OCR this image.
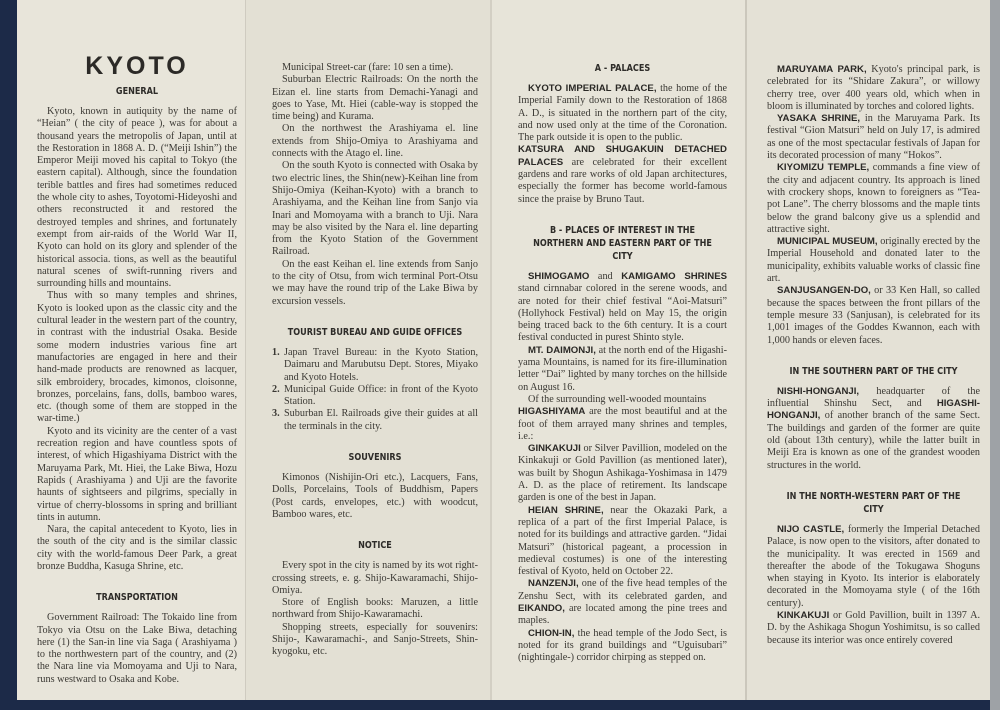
KYOTO
GENERAL

Kyoto, known in autiquity by the name of “Heian” ( the city of peace ), was for about a thousand years the metropolis of Japan, until at the Restoration in 1868 A. D. (“Meiji Ishin”) the Emperor Meiji moved his capital to Tokyo (the eastern capital). Although, since the foundation terible battles and fires had sometimes reduced the whole city to ashes, Toyotomi-Hideyoshi and others reconstructed it and restored the destroyed temples and shrines, and fortunately exempt from air-raids of the World War II, Kyoto can hold on its glory and splender of the historical associa. tions, as well as the beautiful natural scenes of swift-running rivers and surrounding hills and mountains.

Thus with so many temples and shrines, Kyoto is looked upon as the classic city and the cultural leader in the western part of the country, in contrast with the industrial Osaka. Beside some modern industries various fine art manufactories are engaged in here and their hand-made products are renowned as lacquer, silk embroidery, brocades, kimonos, cloisonne, bronzes, porcelains, fans, dolls, bamboo wares, etc. (though some of them are stopped in the war-time.)

Kyoto and its vicinity are the center of a vast recreation region and have countless spots of interest, of which Higashiyama District with the Maruyama Park, Mt. Hiei, the Lake Biwa, Hozu Rapids ( Arashiyama ) and Uji are the favorite haunts of sightseers and pilgrims, specially in virtue of cherry-blossoms in spring and brilliant tints in autumn.

Nara, the capital antecedent to Kyoto, lies in the south of the city and is the similar classic city with the world-famous Deer Park, a great bronze Buddha, Kasuga Shrine, etc.

TRANSPORTATION

Government Railroad: The Tokaido line from Tokyo via Otsu on the Lake Biwa, detaching here (1) the San-in line via Saga ( Arashiyama ) to the northwestern part of the country, and (2) the Nara line via Momoyama and Uji to Nara, runs westward to Osaka and Kobe.

Municipal Street-car (fare: 10 sen a time).

Suburban Electric Railroads: On the north the Eizan el. line starts from Demachi-Yanagi and goes to Yase, Mt. Hiei (cable-way is stopped the time being) and Kurama.

On the northwest the Arashiyama el. line extends from Shijo-Omiya to Arashiyama and connects with the Atago el. line.

On the south Kyoto is connected with Osaka by two electric lines, the Shin(new)-Keihan line from Shijo-Omiya (Keihan-Kyoto) with a branch to Arashiyama, and the Keihan line from Sanjo via Inari and Momoyama with a branch to Uji. Nara may be also visited by the Nara el. line departing from the Kyoto Station of the Government Railroad.

On the east Keihan el. line extends from Sanjo to the city of Otsu, from wich terminal Port-Otsu we may have the round trip of the Lake Biwa by excursion vessels.

TOURIST BUREAU AND GUIDE OFFICES

1. Japan Travel Bureau: in the Kyoto Station, Daimaru and Marubutsu Dept. Stores, Miyako and Kyoto Hotels.

2. Municipal Guide Office: in front of the Kyoto Station.

3. Suburban El. Railroads give their guides at all the terminals in the city.

SOUVENIRS

Kimonos (Nishijin-Ori etc.), Lacquers, Fans, Dolls, Porcelains, Tools of Buddhism, Papers (Post cards, envelopes, etc.) with woodcut, Bamboo wares, etc.

NOTICE

Every spot in the city is named by its wot right-crossing streets, e. g. Shijo-Kawaramachi, Shijo-Omiya.

Store of English books: Maruzen, a little northward from Shijo-Kawaramachi.

Shopping streets, especially for souvenirs: Shijo-, Kawaramachi-, and Sanjo-Streets, Shin-kyogoku, etc.

A - PALACES

KYOTO IMPERIAL PALACE, the home of the Imperial Family down to the Restoration of 1868 A. D., is situated in the northern part of the city, and now used only at the time of the Coronation. The park outside it is open to the public.

KATSURA AND SHUGAKUIN DETACHED PALACES are celebrated for their excellent gardens and rare works of old Japan architectures, especially the former has become world-famous since the praise by Bruno Taut.

B - PLACES OF INTEREST IN THE NORTHERN AND EASTERN PART OF THE CITY

SHIMOGAMO and KAMIGAMO SHRINES stand cirnnabar colored in the serene woods, and are noted for their chief festival “Aoi-Matsuri” (Hollyhock Festival) held on May 15, the origin being traced back to the 6th century. It is a court festival conducted in purest Shinto style.

MT. DAIMONJI, at the north end of the Higashi-yama Mountains, is named for its fire-illumination letter “Dai” lighted by many torches on the hillside on August 16.

Of the surrounding well-wooded mountains

HIGASHIYAMA are the most beautiful and at the foot of them arrayed many shrines and temples, i.e.:

GINKAKUJI or Silver Pavillion, modeled on the Kinkakuji or Gold Pavillion (as mentioned later), was built by Shogun Ashikaga-Yoshimasa in 1479 A. D. as the place of retirement. Its landscape garden is one of the best in Japan.

HEIAN SHRINE, near the Okazaki Park, a replica of a part of the first Imperial Palace, is noted for its buildings and attractive garden. “Jidai Matsuri” (historical pageant, a procession in medieval costumes) is one of the interesting festival of Kyoto, held on October 22.

NANZENJI, one of the five head temples of the Zenshu Sect, with its celebrated garden, and EIKANDO, are located among the pine trees and maples.

CHION-IN, the head temple of the Jodo Sect, is noted for its grand buildings and “Uguisubari” (nightingale-) corridor chirping as stepped on.

MARUYAMA PARK, Kyoto's principal park, is celebrated for its “Shidare Zakura”, or willowy cherry tree, over 400 years old, which when in bloom is illuminated by torches and colored lights.

YASAKA SHRINE, in the Maruyama Park. Its festival “Gion Matsuri” held on July 17, is admired as one of the most spectacular festivals of Japan for its decorated procession of many “Hokos”.

KIYOMIZU TEMPLE, commands a fine view of the city and adjacent country. Its approach is lined with crockery shops, known to foreigners as “Tea-pot Lane”. The cherry blossoms and the maple tints below the grand balcony give us a splendid and attractive sight.

MUNICIPAL MUSEUM, originally erected by the Imperial Household and donated later to the municipality, exhibits valuable works of classic fine art.

SANJUSANGEN-DO, or 33 Ken Hall, so called because the spaces between the front pillars of the temple mesure 33 (Sanjusan), is celebrated for its 1,001 images of the Goddes Kwannon, each with 1,000 hands or eleven faces.

IN THE SOUTHERN PART OF THE CITY

NISHI-HONGANJI, headquarter of the influential Shinshu Sect, and HIGASHI-HONGANJI, of another branch of the same Sect. The buildings and garden of the former are quite old (about 13th century), while the latter built in Meiji Era is known as one of the grandest wooden structures in the world.

IN THE NORTH-WESTERN PART OF THE CITY

NIJO CASTLE, formerly the Imperial Detached Palace, is now open to the visitors, after donated to the municipality. It was erected in 1569 and thereafter the abode of the Tokugawa Shoguns when staying in Kyoto. Its interior is elaborately decorated in the Momoyama style ( of the 16th century).

KINKAKUJI or Gold Pavillion, built in 1397 A. D. by the Ashikaga Shogun Yoshimitsu, is so called because its interior was once entirely covered
